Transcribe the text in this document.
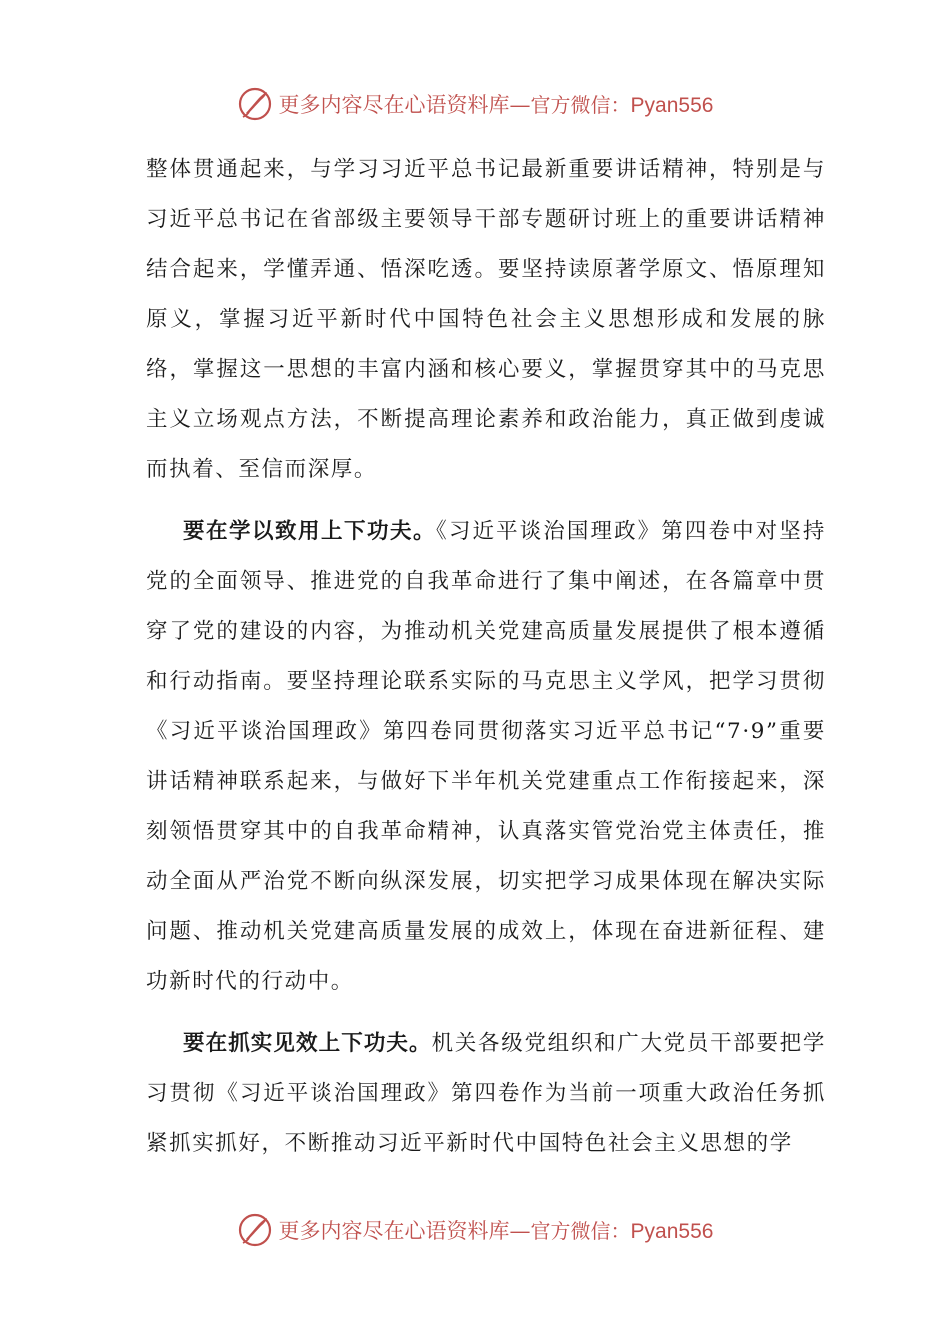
更多内容尽在心语资料库—官方微信：Pyan556

整体贯通起来，与学习习近平总书记最新重要讲话精神，特别是与习近平总书记在省部级主要领导干部专题研讨班上的重要讲话精神结合起来，学懂弄通、悟深吃透。要坚持读原著学原文、悟原理知原义，掌握习近平新时代中国特色社会主义思想形成和发展的脉络，掌握这一思想的丰富内涵和核心要义，掌握贯穿其中的马克思主义立场观点方法，不断提高理论素养和政治能力，真正做到虔诚而执着、至信而深厚。

要在学以致用上下功夫。《习近平谈治国理政》第四卷中对坚持党的全面领导、推进党的自我革命进行了集中阐述，在各篇章中贯穿了党的建设的内容，为推动机关党建高质量发展提供了根本遵循和行动指南。要坚持理论联系实际的马克思主义学风，把学习贯彻《习近平谈治国理政》第四卷同贯彻落实习近平总书记“7·9”重要讲话精神联系起来，与做好下半年机关党建重点工作衔接起来，深刻领悟贯穿其中的自我革命精神，认真落实管党治党主体责任，推动全面从严治党不断向纵深发展，切实把学习成果体现在解决实际问题、推动机关党建高质量发展的成效上，体现在奋进新征程、建功新时代的行动中。

要在抓实见效上下功夫。机关各级党组织和广大党员干部要把学习贯彻《习近平谈治国理政》第四卷作为当前一项重大政治任务抓紧抓实抓好，不断推动习近平新时代中国特色社会主义思想的学

更多内容尽在心语资料库—官方微信：Pyan556
